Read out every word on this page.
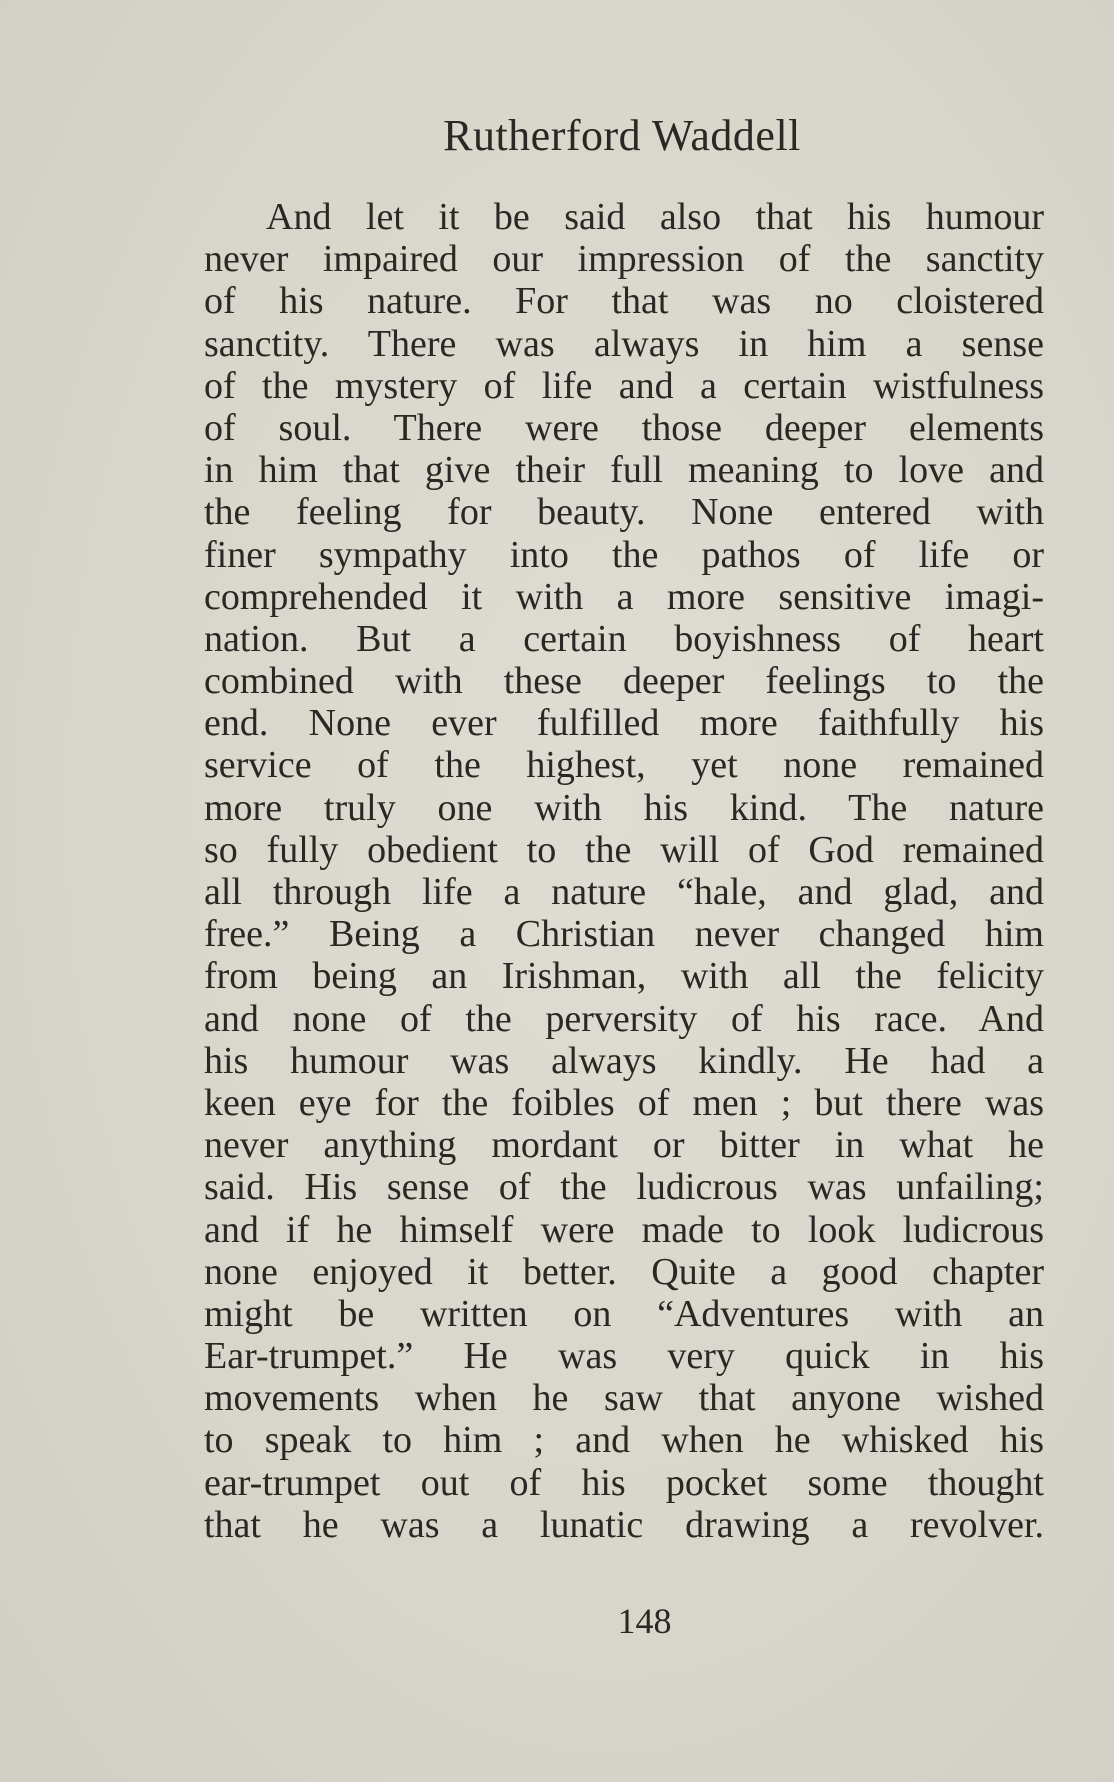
Rutherford Waddell
And let it be said also that his humour
never impaired our impression of the sanctity
of his nature. For that was no cloistered
sanctity. There was always in him a sense
of the mystery of life and a certain wistfulness
of soul. There were those deeper elements
in him that give their full meaning to love and
the feeling for beauty. None entered with
finer sympathy into the pathos of life or
comprehended it with a more sensitive imagi-
nation. But a certain boyishness of heart
combined with these deeper feelings to the
end. None ever fulfilled more faithfully his
service of the highest, yet none remained
more truly one with his kind. The nature
so fully obedient to the will of God remained
all through life a nature “hale, and glad, and
free.” Being a Christian never changed him
from being an Irishman, with all the felicity
and none of the perversity of his race. And
his humour was always kindly. He had a
keen eye for the foibles of men ; but there was
never anything mordant or bitter in what he
said. His sense of the ludicrous was unfailing;
and if he himself were made to look ludicrous
none enjoyed it better. Quite a good chapter
might be written on “Adventures with an
Ear-trumpet.” He was very quick in his
movements when he saw that anyone wished
to speak to him ; and when he whisked his
ear-trumpet out of his pocket some thought
that he was a lunatic drawing a revolver.
148
